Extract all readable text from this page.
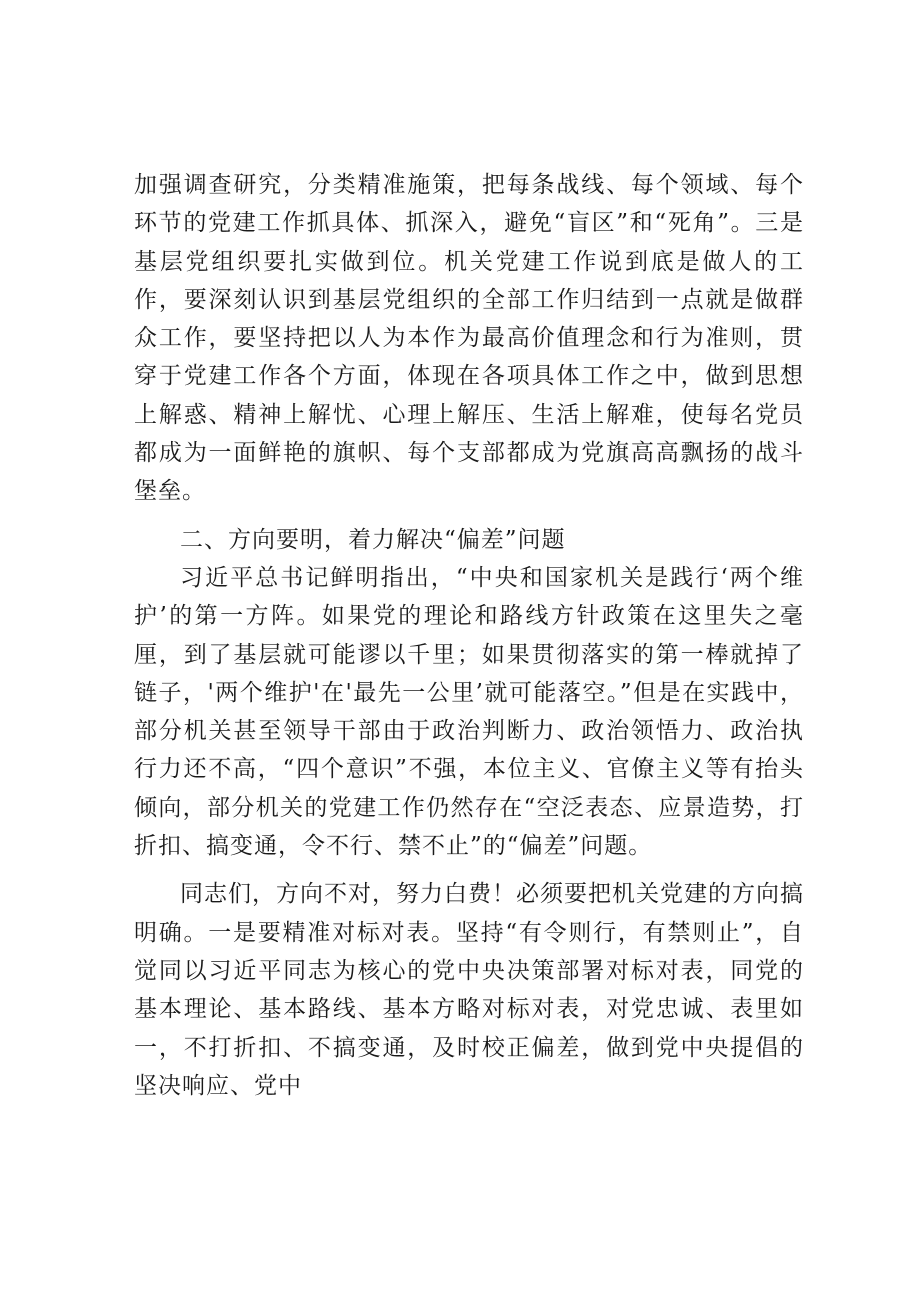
加强调查研究，分类精准施策，把每条战线、每个领域、每个环节的党建工作抓具体、抓深入，避免“盲区”和“死角”。三是基层党组织要扎实做到位。机关党建工作说到底是做人的工作，要深刻认识到基层党组织的全部工作归结到一点就是做群众工作，要坚持把以人为本作为最高价值理念和行为准则，贯穿于党建工作各个方面，体现在各项具体工作之中，做到思想上解惑、精神上解忧、心理上解压、生活上解难，使每名党员都成为一面鲜艳的旗帜、每个支部都成为党旗高高飘扬的战斗堡垒。

二、方向要明，着力解决“偏差”问题

习近平总书记鲜明指出，“中央和国家机关是践行‘两个维护’的第一方阵。如果党的理论和路线方针政策在这里失之毫厘，到了基层就可能谬以千里；如果贯彻落实的第一棒就掉了链子，'两个维护'在'最先一公里’就可能落空。”但是在实践中，部分机关甚至领导干部由于政治判断力、政治领悟力、政治执行力还不高，“四个意识”不强，本位主义、官僚主义等有抬头倾向，部分机关的党建工作仍然存在“空泛表态、应景造势，打折扣、搞变通，令不行、禁不止”的“偏差”问题。

同志们，方向不对，努力白费！必须要把机关党建的方向搞明确。一是要精准对标对表。坚持“有令则行，有禁则止”，自觉同以习近平同志为核心的党中央决策部署对标对表，同党的基本理论、基本路线、基本方略对标对表，对党忠诚、表里如一，不打折扣、不搞变通，及时校正偏差，做到党中央提倡的坚决响应、党中
